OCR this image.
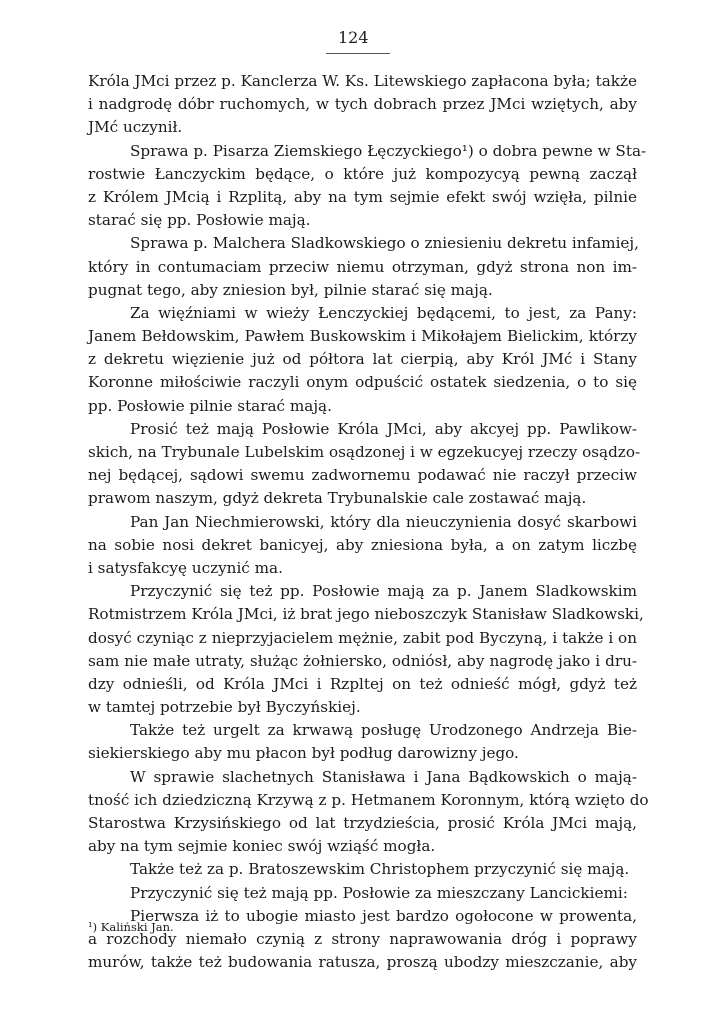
124
Króla JMci przez p. Kanclerza W. Ks. Litewskiego zapłacona była; także
i nadgrodę dóbr ruchomych, w tych dobrach przez JMci wziętych, aby
JMć uczynił.
Sprawa p. Pisarza Ziemskiego Łęczyckiego¹) o dobra pewne w Sta-
rostwie Łanczyckim będące, o które już kompozycyą pewną zaczął
z Królem JMcią i Rzplitą, aby na tym sejmie efekt swój wzięła, pilnie
starać się pp. Posłowie mają.
Sprawa p. Malchera Sladkowskiego o zniesieniu dekretu infamiej,
który in contumaciam przeciw niemu otrzyman, gdyż strona non im-
pugnat tego, aby zniesion był, pilnie starać się mają.
Za więźniami w wieży Łenczyckiej będącemi, to jest, za Pany:
Janem Bełdowskim, Pawłem Buskowskim i Mikołajem Bielickim, którzy
z dekretu więzienie już od półtora lat cierpią, aby Król JMć i Stany
Koronne miłościwie raczyli onym odpuścić ostatek siedzenia, o to się
pp. Posłowie pilnie starać mają.
Prosić też mają Posłowie Króla JMci, aby akcyej pp. Pawlikow-
skich, na Trybunale Lubelskim osądzonej i w egzekucyej rzeczy osądzo-
nej będącej, sądowi swemu zadwornemu podawać nie raczył przeciw
prawom naszym, gdyż dekreta Trybunalskie cale zostawać mają.
Pan Jan Niechmierowski, który dla nieuczynienia dosyć skarbowi
na sobie nosi dekret banicyej, aby zniesiona była, a on zatym liczbę
i satysfakcyę uczynić ma.
Przyczynić się też pp. Posłowie mają za p. Janem Sladkowskim
Rotmistrzem Króla JMci, iż brat jego nieboszczyk Stanisław Sladkowski,
dosyć czyniąc z nieprzyjacielem mężnie, zabit pod Byczyną, i także i on
sam nie małe utraty, służąc żołniersko, odniósł, aby nagrodę jako i dru-
dzy odnieśli, od Króla JMci i Rzpltej on też odnieść mógł, gdyż też
w tamtej potrzebie był Byczyńskiej.
Także też urgelt za krwawą posługę Urodzonego Andrzeja Bie-
siekierskiego aby mu płacon był podług darowizny jego.
W sprawie slachetnych Stanisława i Jana Bądkowskich o mają-
tność ich dziedziczną Krzywą z p. Hetmanem Koronnym, którą wzięto do
Starostwa Krzysińskiego od lat trzydzieścia, prosić Króla JMci mają,
aby na tym sejmie koniec swój wziąść mogła.
Także też za p. Bratoszewskim Christophem przyczynić się mają.
Przyczynić się też mają pp. Posłowie za mieszczany Lancickiemi:
Pierwsza iż to ubogie miasto jest bardzo ogołocone w prowenta,
a rozchody niemało czynią z strony naprawowania dróg i poprawy
murów, także też budowania ratusza, proszą ubodzy mieszczanie, aby
¹) Kaliński Jan.
